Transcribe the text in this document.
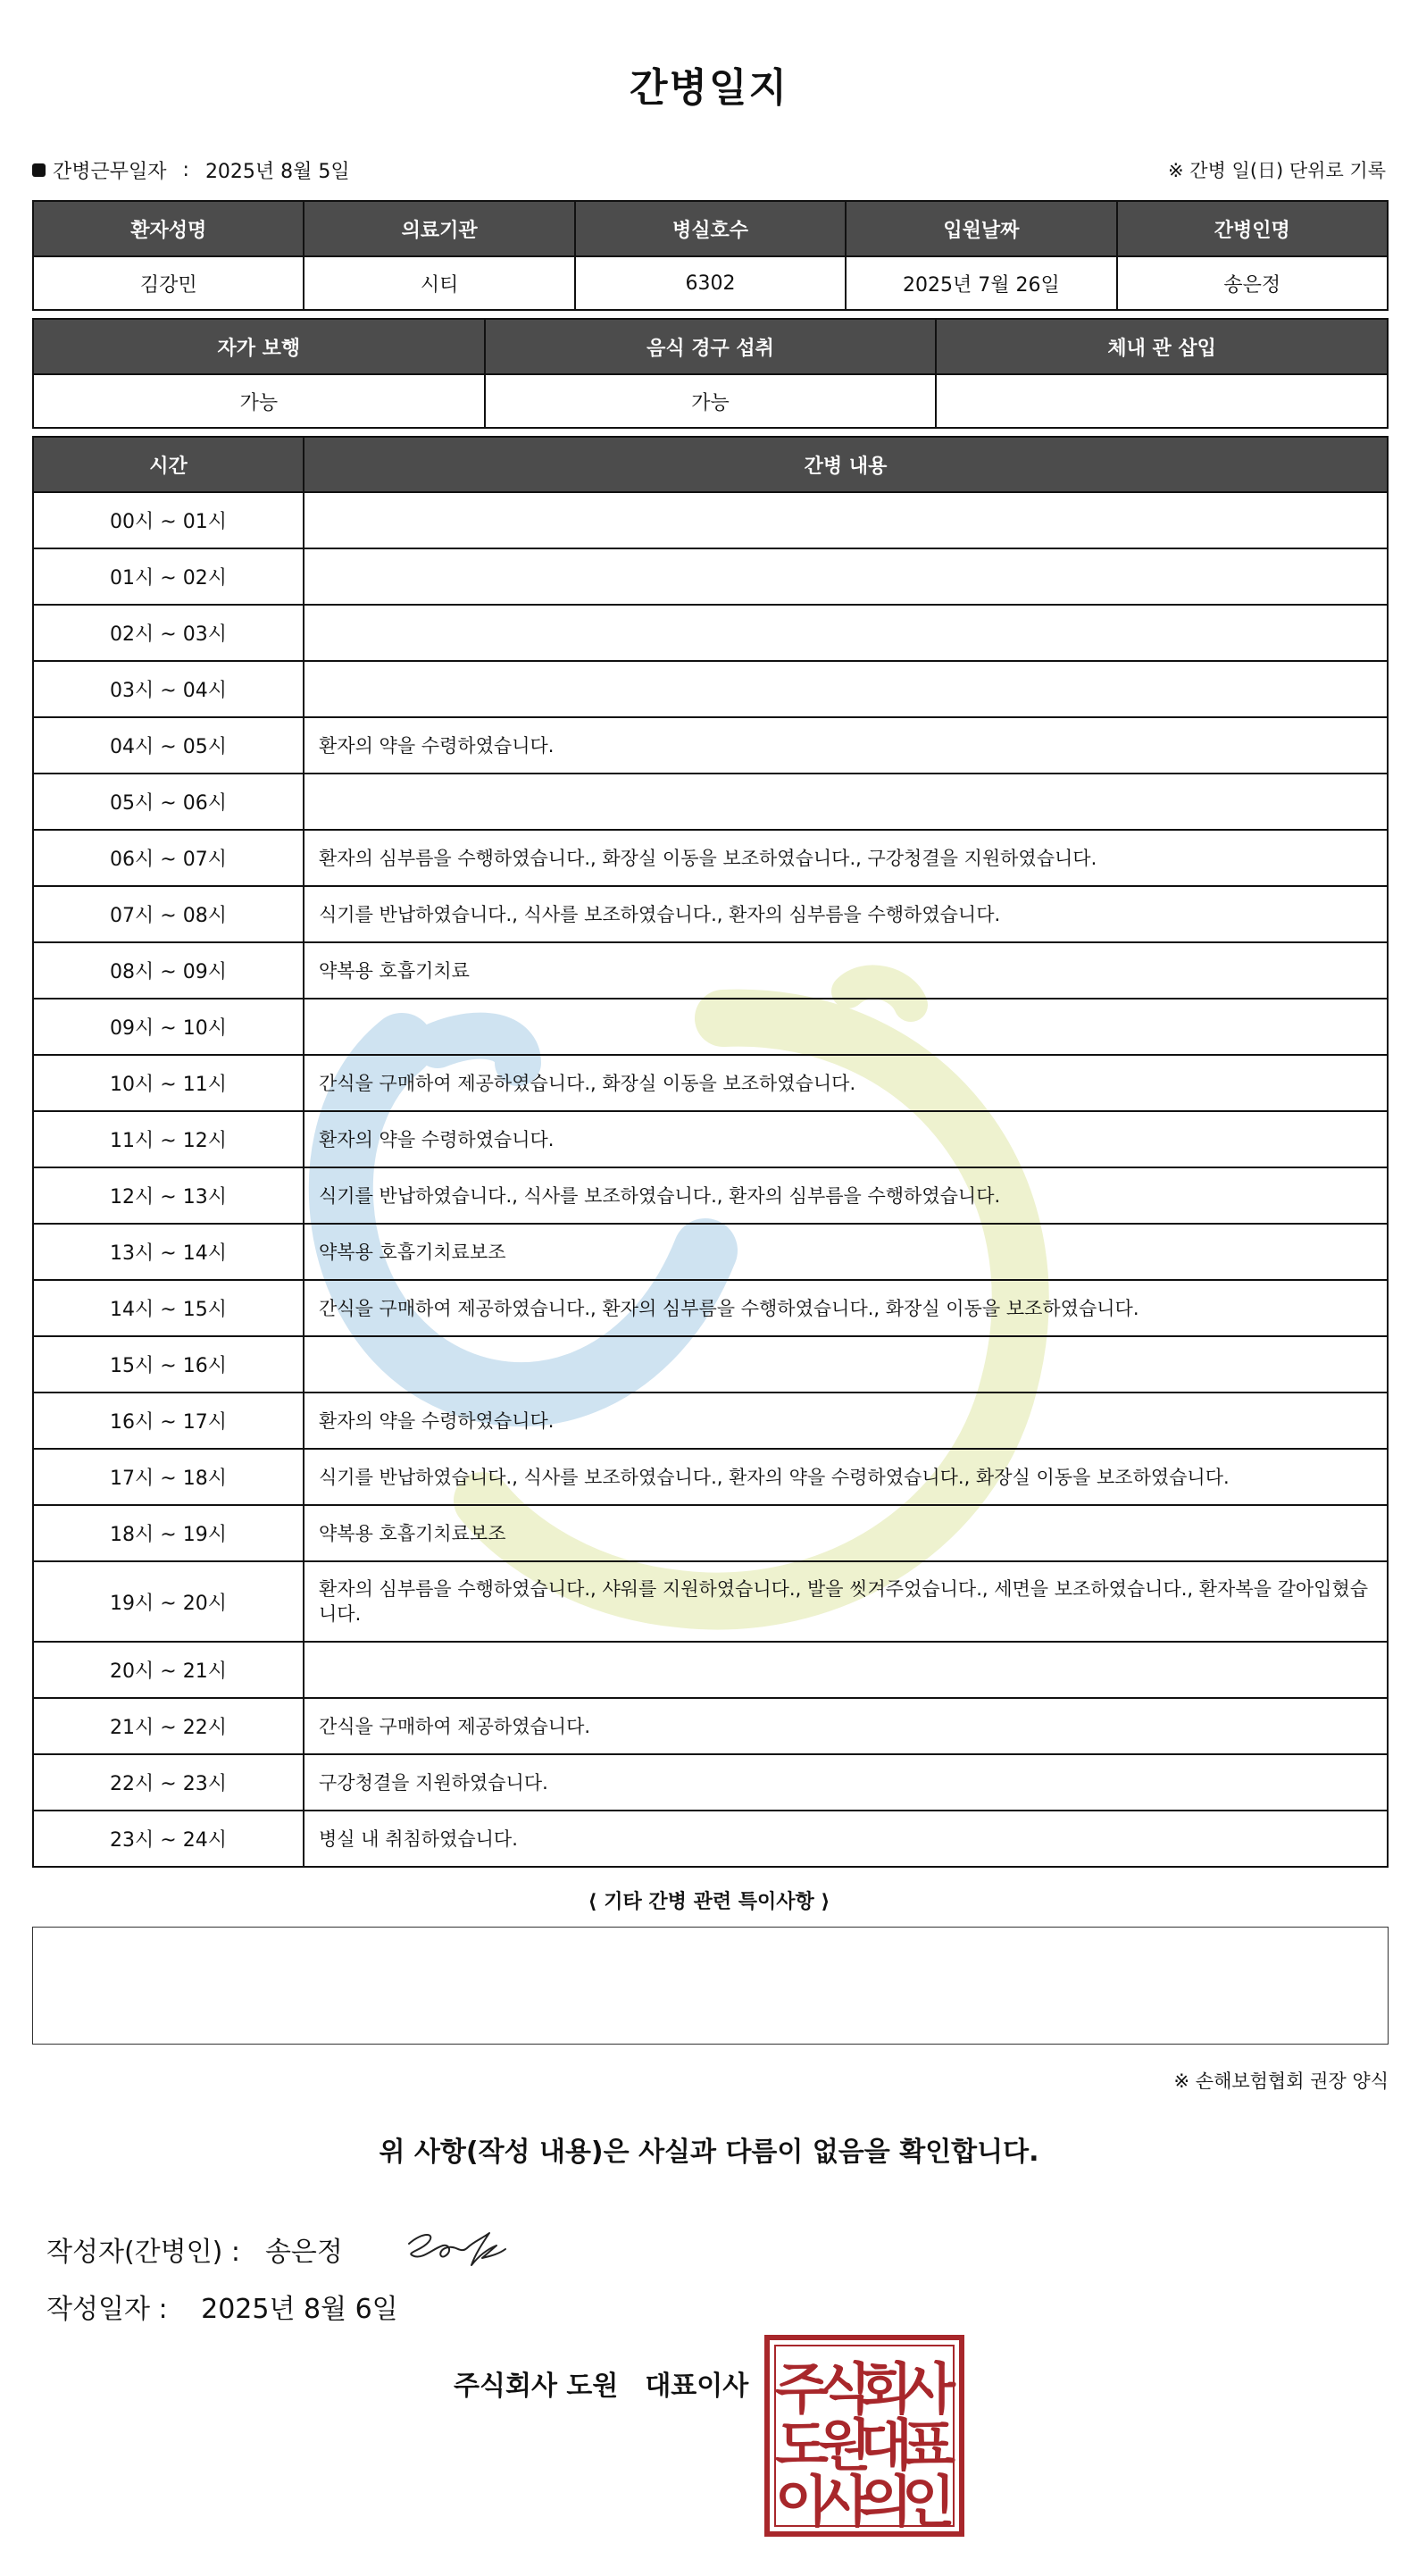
간병일지
간병근무일자 : 2025년 8월 5일	※ 간병 일(日) 단위로 기록
환자성명	의료기관	병실호수	입원날짜	간병인명
김강민	시티	6302	2025년 7월 26일	송은정
자가 보행	음식 경구 섭취	체내 관 삽입
가능	가능	
시간	간병 내용
00시 ~ 01시	
01시 ~ 02시	
02시 ~ 03시	
03시 ~ 04시	
04시 ~ 05시	환자의 약을 수령하였습니다.
05시 ~ 06시	
06시 ~ 07시	환자의 심부름을 수행하였습니다., 화장실 이동을 보조하였습니다., 구강청결을 지원하였습니다.
07시 ~ 08시	식기를 반납하였습니다., 식사를 보조하였습니다., 환자의 심부름을 수행하였습니다.
08시 ~ 09시	약복용 호흡기치료
09시 ~ 10시	
10시 ~ 11시	간식을 구매하여 제공하였습니다., 화장실 이동을 보조하였습니다.
11시 ~ 12시	환자의 약을 수령하였습니다.
12시 ~ 13시	식기를 반납하였습니다., 식사를 보조하였습니다., 환자의 심부름을 수행하였습니다.
13시 ~ 14시	약복용 호흡기치료보조
14시 ~ 15시	간식을 구매하여 제공하였습니다., 환자의 심부름을 수행하였습니다., 화장실 이동을 보조하였습니다.
15시 ~ 16시	
16시 ~ 17시	환자의 약을 수령하였습니다.
17시 ~ 18시	식기를 반납하였습니다., 식사를 보조하였습니다., 환자의 약을 수령하였습니다., 화장실 이동을 보조하였습니다.
18시 ~ 19시	약복용 호흡기치료보조
19시 ~ 20시	환자의 심부름을 수행하였습니다., 샤워를 지원하였습니다., 발을 씻겨주었습니다., 세면을 보조하였습니다., 환자복을 갈아입혔습니다.
20시 ~ 21시	
21시 ~ 22시	간식을 구매하여 제공하였습니다.
22시 ~ 23시	구강청결을 지원하였습니다.
23시 ~ 24시	병실 내 취침하였습니다.
⟨ 기타 간병 관련 특이사항 ⟩
※ 손해보험협회 권장 양식
위 사항(작성 내용)은 사실과 다름이 없음을 확인합니다.
작성자(간병인) : 송은정
작성일자 : 2025년 8월 6일
주식회사 도원 대표이사 주
식
회
사
도
원
대
표
이
사
의
인
